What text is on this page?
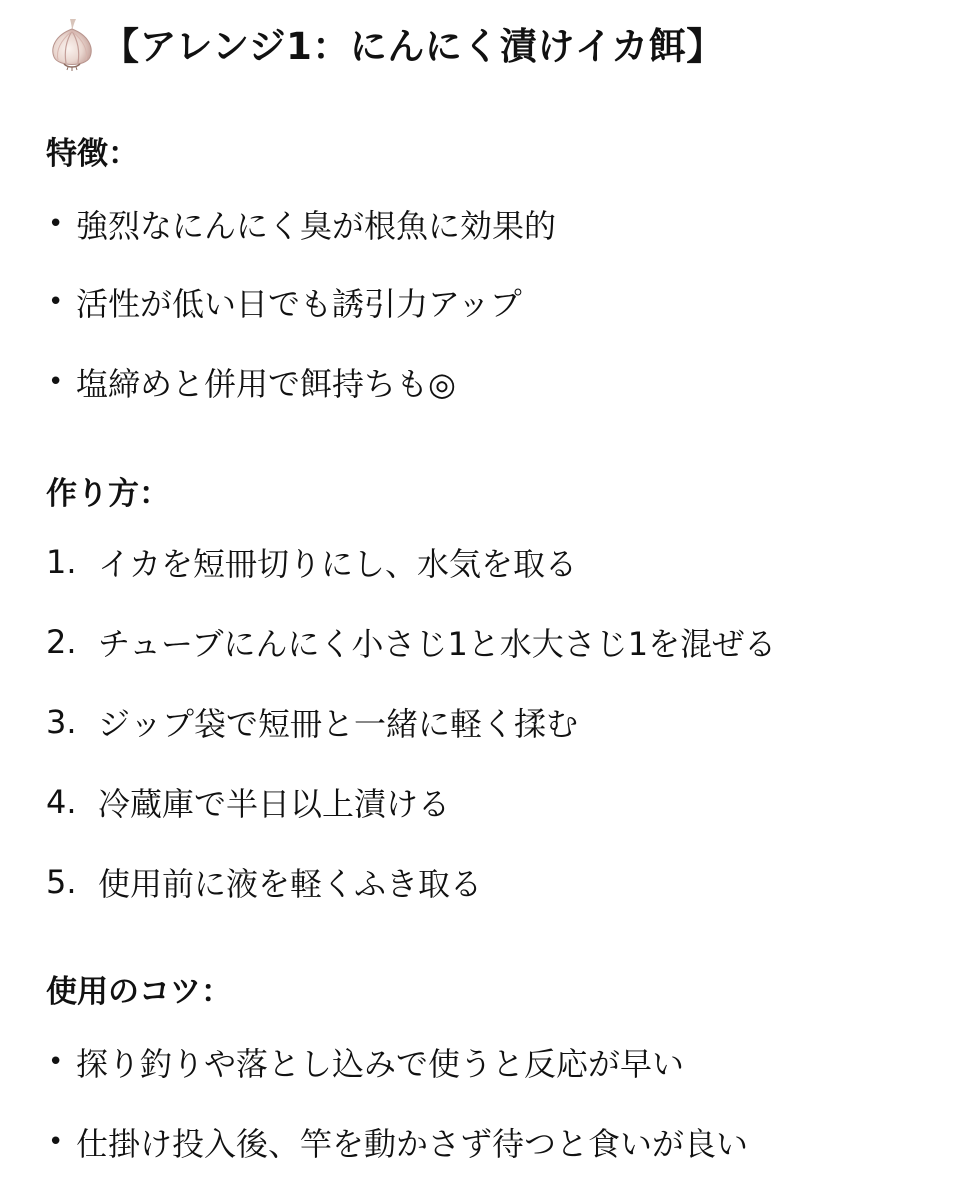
【アレンジ1：にんにく漬けイカ餌】
特徴：
• 強烈なにんにく臭が根魚に効果的
• 活性が低い日でも誘引力アップ
• 塩締めと併用で餌持ちも◎
作り方：
1. イカを短冊切りにし、水気を取る
2. チューブにんにく小さじ1と水大さじ1を混ぜる
3. ジップ袋で短冊と一緒に軽く揉む
4. 冷蔵庫で半日以上漬ける
5. 使用前に液を軽くふき取る
使用のコツ：
• 探り釣りや落とし込みで使うと反応が早い
• 仕掛け投入後、竿を動かさず待つと食いが良い
